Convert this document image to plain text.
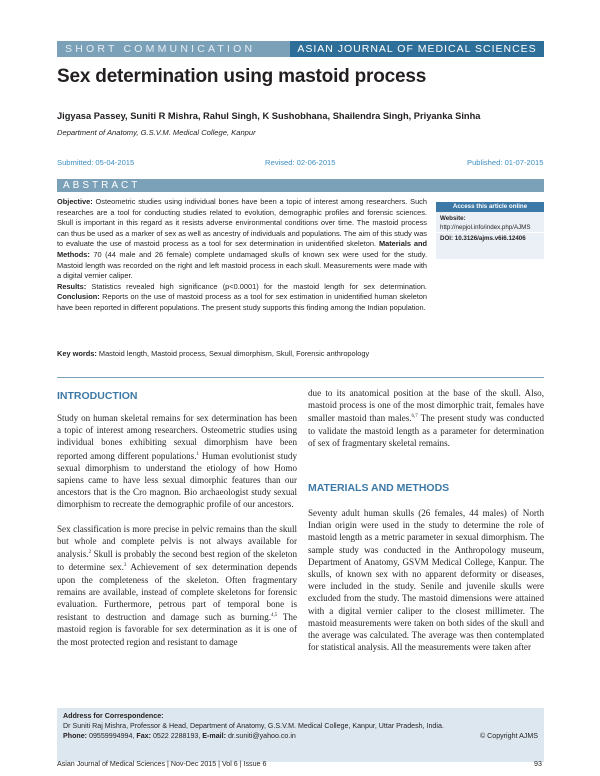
SHORT COMMUNICATION	ASIAN JOURNAL OF MEDICAL SCIENCES
Sex determination using mastoid process
Jigyasa Passey, Suniti R Mishra, Rahul Singh, K Sushobhana, Shailendra Singh, Priyanka Sinha
Department of Anatomy, G.S.V.M. Medical College, Kanpur
Submitted: 05-04-2015	Revised: 02-06-2015	Published: 01-07-2015
ABSTRACT

Objective: Osteometric studies using individual bones have been a topic of interest among researchers. Such researches are a tool for conducting studies related to evolution, demographic profiles and forensic sciences. Skull is important in this regard as it resists adverse environmental conditions over time. The mastoid process can thus be used as a marker of sex as well as ancestry of individuals and populations. The aim of this study was to evaluate the use of mastoid process as a tool for sex determination in unidentified skeleton. Materials and Methods: 70 (44 male and 26 female) complete undamaged skulls of known sex were used for the study. Mastoid length was recorded on the right and left mastoid process in each skull. Measurements were made with a digital vernier caliper.
Results: Statistics revealed high significance (p<0.0001) for the mastoid length for sex determination. Conclusion: Reports on the use of mastoid process as a tool for sex estimation in unidentified human skeleton have been reported in different populations. The present study supports this finding among the Indian population.

Access this article online
Website:
http://nepjol.info/index.php/AJMS
DOI: 10.3126/ajms.v6i6.12406
Key words: Mastoid length, Mastoid process, Sexual dimorphism, Skull, Forensic anthropology
INTRODUCTION

Study on human skeletal remains for sex determination has been a topic of interest among researchers. Osteometric studies using individual bones exhibiting sexual dimorphism have been reported among different populations.$^1$ Human evolutionist study sexual dimorphism to understand the etiology of how Homo sapiens came to have less sexual dimorphic features than our ancestors that is the Cro magnon. Bio archaeologist study sexual dimorphism to recreate the demographic profile of our ancestors.

Sex classification is more precise in pelvic remains than the skull but whole and complete pelvis is not always available for analysis.$^2$ Skull is probably the second best region of the skeleton to determine sex.$^3$ Achievement of sex determination depends upon the completeness of the skeleton. Often fragmentary remains are available, instead of complete skeletons for forensic evaluation. Furthermore, petrous part of temporal bone is resistant to destruction and damage such as burning.$^{4,5}$ The mastoid region is favorable for sex determination as it is one of the most protected region and resistant to damage

due to its anatomical position at the base of the skull. Also, mastoid process is one of the most dimorphic trait, females have smaller mastoid than males.$^{6,7}$ The present study was conducted to validate the mastoid length as a parameter for determination of sex of fragmentary skeletal remains.

MATERIALS AND METHODS

Seventy adult human skulls (26 females, 44 males) of North Indian origin were used in the study to determine the role of mastoid length as a metric parameter in sexual dimorphism. The sample study was conducted in the Anthropology museum, Department of Anatomy, GSVM Medical College, Kanpur. The skulls, of known sex with no apparent deformity or diseases, were included in the study. Senile and juvenile skulls were excluded from the study. The mastoid dimensions were attained with a digital vernier caliper to the closest millimeter. The mastoid measurements were taken on both sides of the skull and the average was calculated. The average was then contemplated for statistical analysis. All the measurements were taken after

Address for Correspondence:
Dr Suniti Raj Mishra, Professor & Head, Department of Anatomy, G.S.V.M. Medical College, Kanpur, Uttar Pradesh, India.
Phone: 09559994994, Fax: 0522 2288193, E-mail: dr.suniti@yahoo.co.in	© Copyright AJMS
Asian Journal of Medical Sciences | Nov-Dec 2015 | Vol 6 | Issue 6	93
